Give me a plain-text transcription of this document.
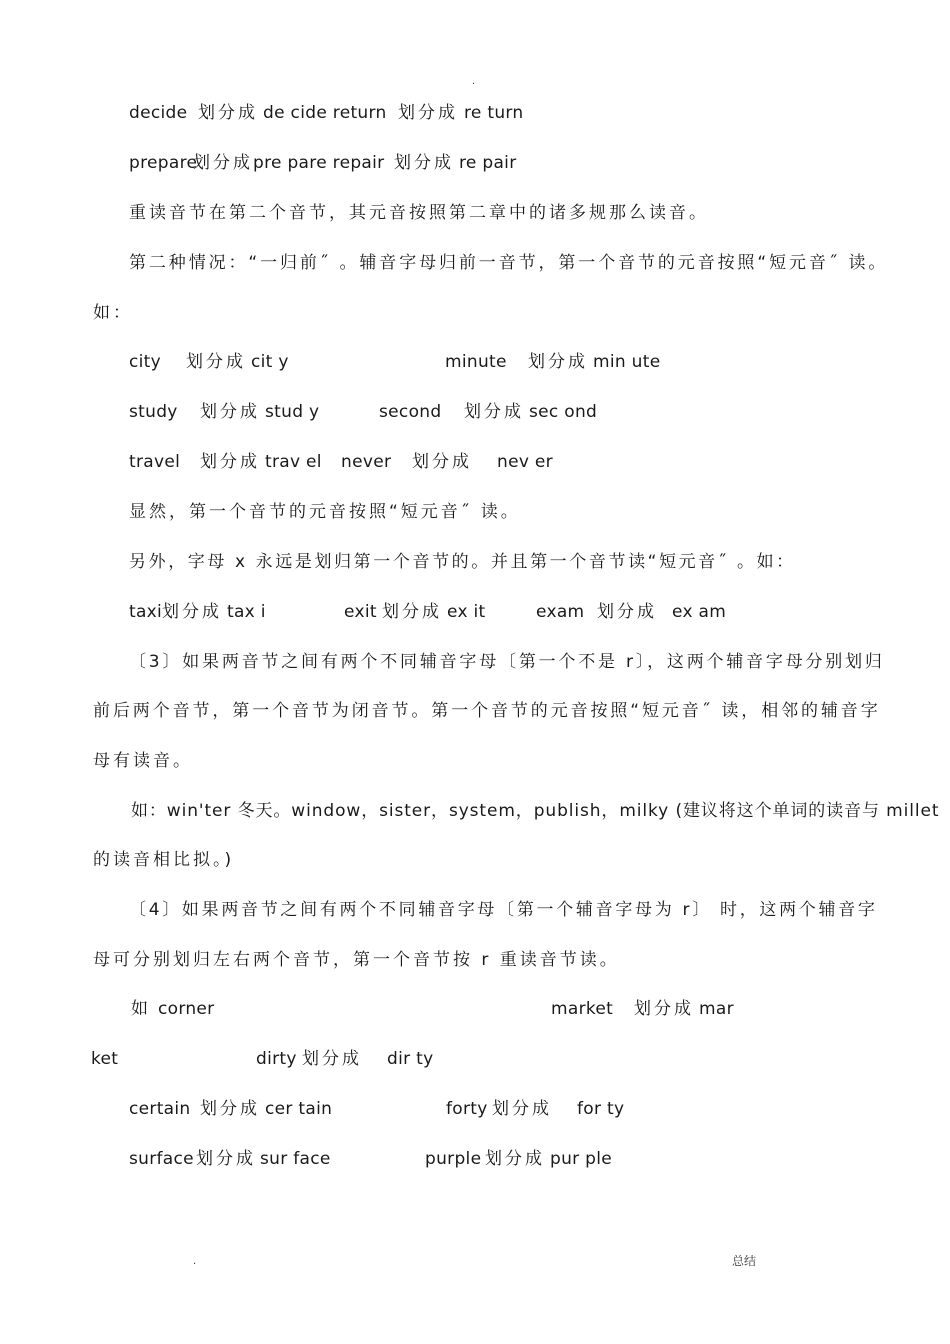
.
decide 划分成 de cide return 划分成 re turn
prepare
划分成 pre pare repair 划分成 re pair
重读音节在第二个音节，其元音按照第二章中的诸多规那么读音。
第二种情况：“一归前˝ 。辅音字母归前一音节，第一个音节的元音按照“短元音˝ 读。
如：
city 划分成 cit y	minute 划分成 min ute
study 划分成 stud y	second 划分成 sec ond
travel 划分成 trav el never 划分成 nev er
显然，第一个音节的元音按照“短元音˝ 读。
另外，字母 x 永远是划归第一个音节的。并且第一个音节读“短元音˝ 。如：
taxi 划分成 tax i	exit 划分成 ex it	exam 划分成 ex am
〔3〕如果两音节之间有两个不同辅音字母〔第一个不是 r〕，这两个辅音字母分别划归
前后两个音节，第一个音节为闭音节。第一个音节的元音按照“短元音˝ 读，相邻的辅音字
母有读音。
如：win'ter 冬天。window，sister，system，publish，milky (建议将这个单词的读音与 millet
的读音相比拟。)
〔4〕如果两音节之间有两个不同辅音字母〔第一个辅音字母为 r〕 时，这两个辅音字
母可分别划归左右两个音节，第一个音节按 r 重读音节读。
如 corner	market 划分成 mar
ket	dirty 划分成 dir ty
certain 划分成 cer tain	forty 划分成 for ty
surface 划分成 sur face	purple 划分成 pur ple
.	总结
